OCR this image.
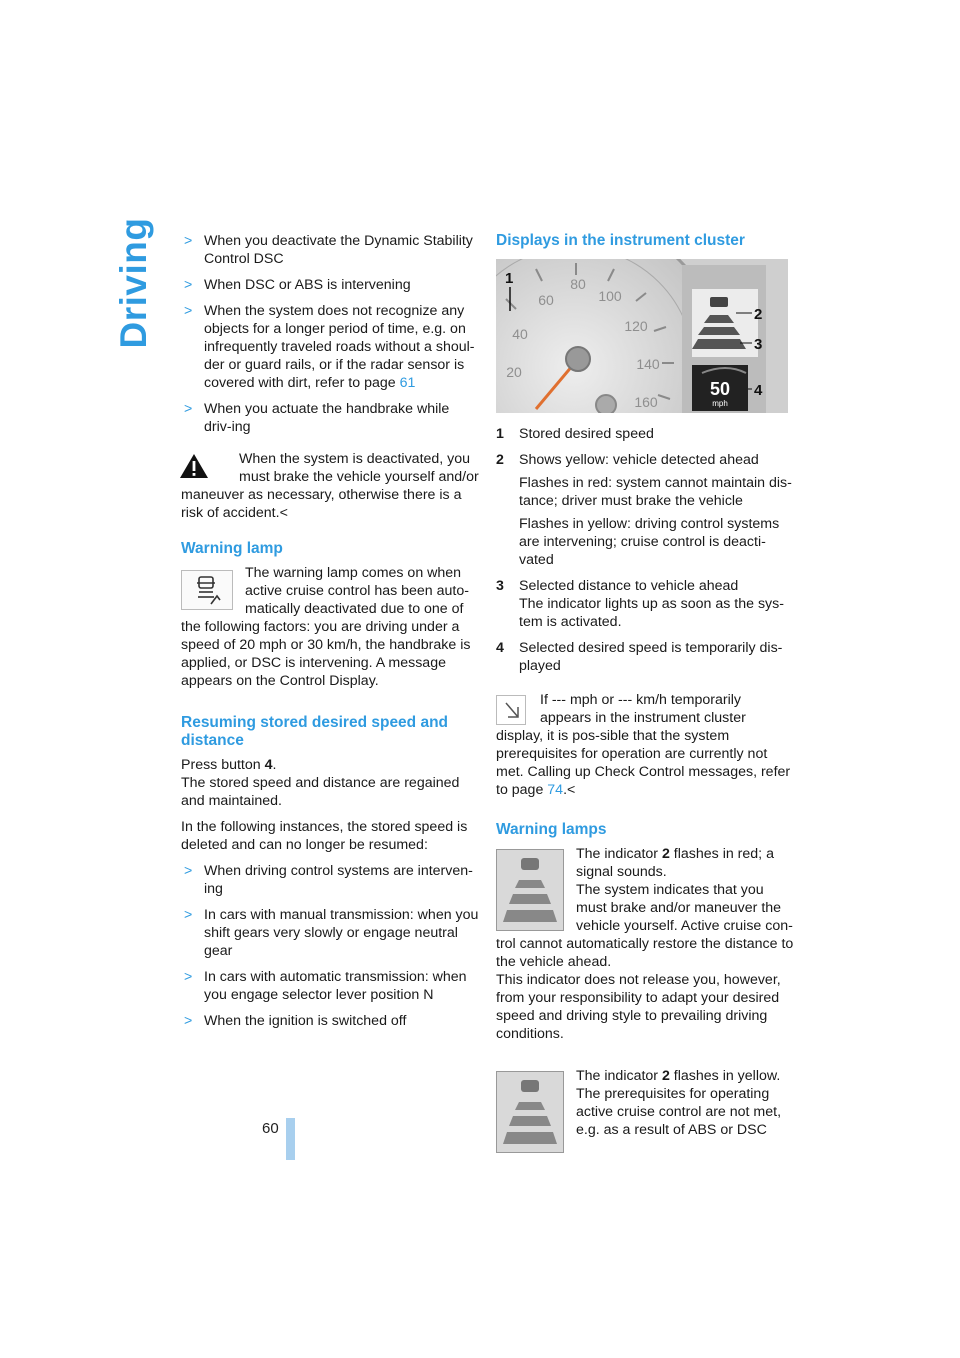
Driving
60
> When you deactivate the Dynamic Stability Control DSC
> When DSC or ABS is intervening
> When the system does not recognize any objects for a longer period of time, e.g. on infrequently traveled roads without a shoul-der or guard rails, or if the radar sensor is covered with dirt, refer to page 61
> When you actuate the handbrake while driv-ing
When the system is deactivated, you must brake the vehicle yourself and/or maneuver as necessary, otherwise there is a risk of accident.<
Warning lamp
The warning lamp comes on when active cruise control has been auto-matically deactivated due to one of the following factors: you are driving under a speed of 20 mph or 30 km/h, the handbrake is applied, or DSC is intervening. A message appears on the Control Display.
Resuming stored desired speed and distance

Press button 4.

The stored speed and distance are regained and maintained.

In the following instances, the stored speed is deleted and can no longer be resumed:

> When driving control systems are interven-ing
> In cars with manual transmission: when you shift gears very slowly or engage neutral gear
> In cars with automatic transmission: when you engage selector lever position N
> When the ignition is switched off
Displays in the instrument cluster
20
40
60
80
100
120
140
160
50
mph
1
2
3
4
1 Stored desired speed
2 Shows yellow: vehicle detected ahead
Flashes in red: system cannot maintain dis-tance; driver must brake the vehicle
Flashes in yellow: driving control systems are intervening; cruise control is deacti-vated
3 Selected distance to vehicle ahead
The indicator lights up as soon as the sys-tem is activated.
4 Selected desired speed is temporarily dis-played
If --- mph or --- km/h temporarily appears in the instrument cluster display, it is pos-sible that the system prerequisites for operation are currently not met. Calling up Check Control messages, refer to page 74.<
Warning lamps
The indicator 2 flashes in red; a signal sounds.
The system indicates that you must brake and/or maneuver the vehicle yourself. Active cruise con-trol cannot automatically restore the distance to the vehicle ahead.
This indicator does not release you, however, from your responsibility to adapt your desired speed and driving style to prevailing driving conditions.
The indicator 2 flashes in yellow.
The prerequisites for operating active cruise control are not met, e.g. as a result of ABS or DSC
